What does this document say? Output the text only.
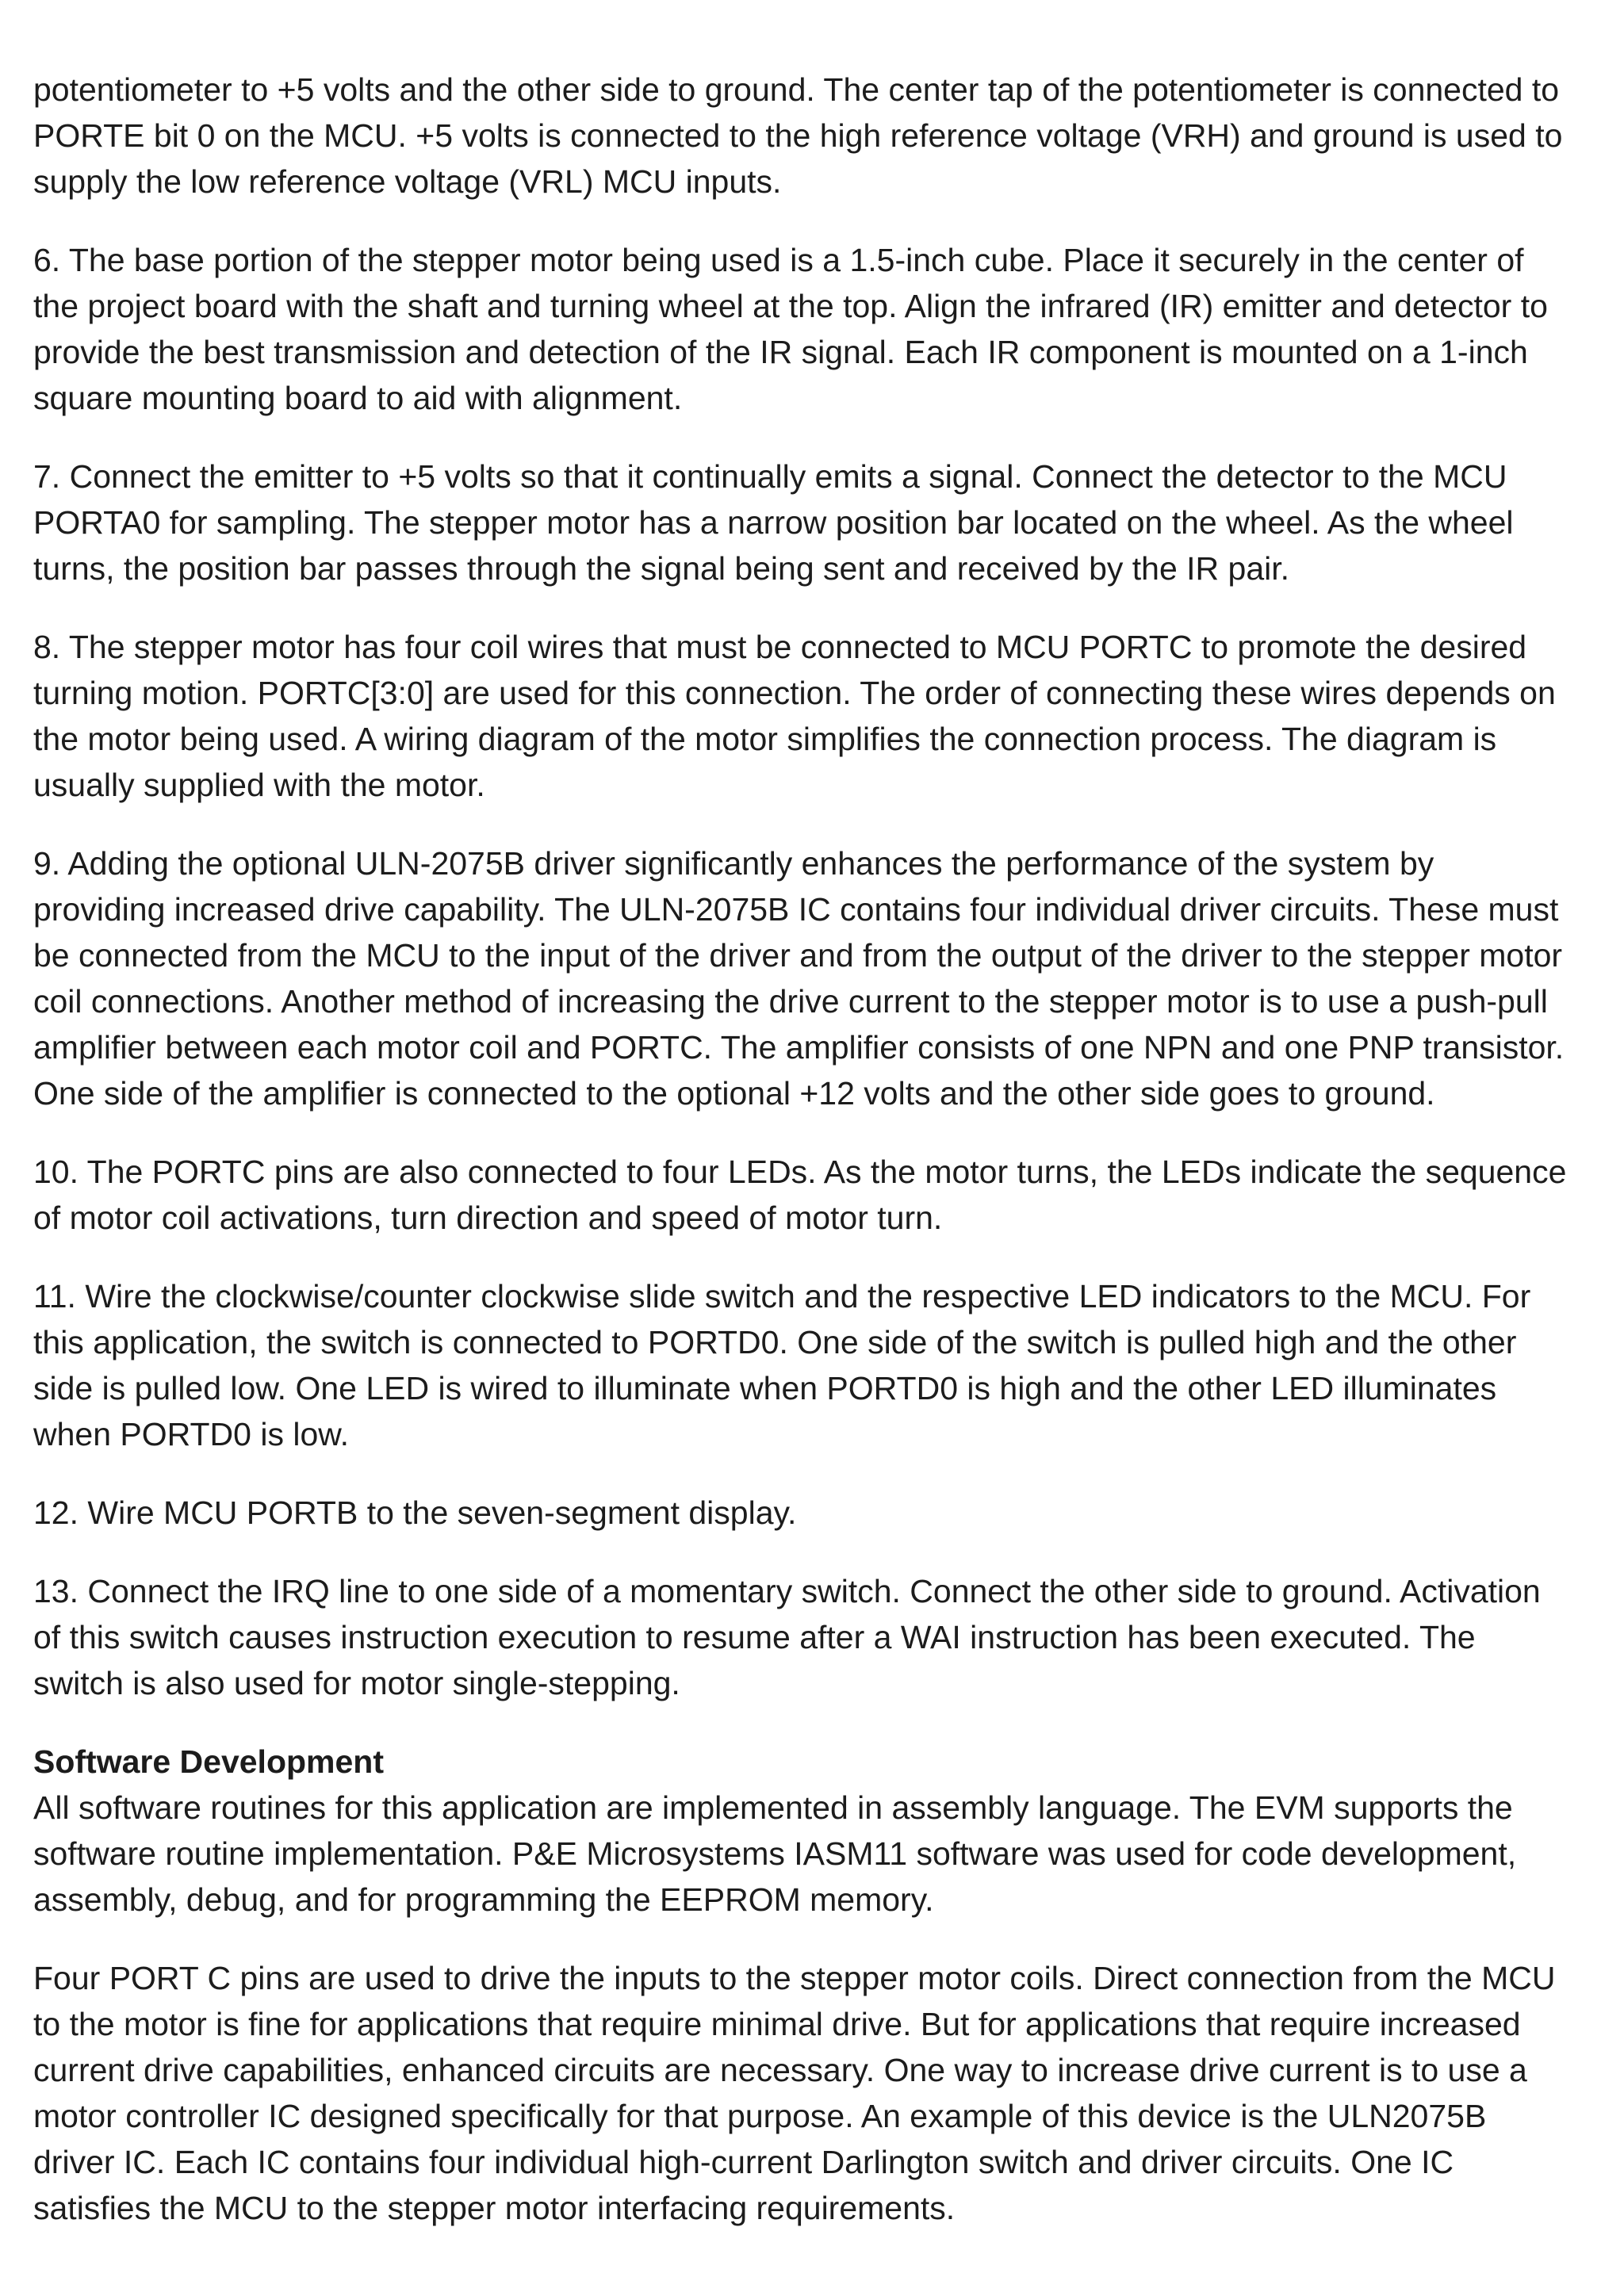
potentiometer to +5 volts and the other side to ground. The center tap of the potentiometer is connected to
PORTE bit 0 on the MCU. +5 volts is connected to the high reference voltage (VRH) and ground is used to
supply the low reference voltage (VRL) MCU inputs.

6. The base portion of the stepper motor being used is a 1.5-inch cube. Place it securely in the center of
the project board with the shaft and turning wheel at the top. Align the infrared (IR) emitter and detector to
provide the best transmission and detection of the IR signal. Each IR component is mounted on a 1-inch
square mounting board to aid with alignment.

7. Connect the emitter to +5 volts so that it continually emits a signal. Connect the detector to the MCU
PORTA0 for sampling. The stepper motor has a narrow position bar located on the wheel. As the wheel
turns, the position bar passes through the signal being sent and received by the IR pair.

8. The stepper motor has four coil wires that must be connected to MCU PORTC to promote the desired
turning motion. PORTC[3:0] are used for this connection. The order of connecting these wires depends on
the motor being used. A wiring diagram of the motor simplifies the connection process. The diagram is
usually supplied with the motor.

9. Adding the optional ULN-2075B driver significantly enhances the performance of the system by
providing increased drive capability. The ULN-2075B IC contains four individual driver circuits. These must
be connected from the MCU to the input of the driver and from the output of the driver to the stepper motor
coil connections. Another method of increasing the drive current to the stepper motor is to use a push-pull
amplifier between each motor coil and PORTC. The amplifier consists of one NPN and one PNP transistor.
One side of the amplifier is connected to the optional +12 volts and the other side goes to ground.

10. The PORTC pins are also connected to four LEDs. As the motor turns, the LEDs indicate the sequence
of motor coil activations, turn direction and speed of motor turn.

11. Wire the clockwise/counter clockwise slide switch and the respective LED indicators to the MCU. For
this application, the switch is connected to PORTD0. One side of the switch is pulled high and the other
side is pulled low. One LED is wired to illuminate when PORTD0 is high and the other LED illuminates
when PORTD0 is low.

12. Wire MCU PORTB to the seven-segment display.

13. Connect the IRQ line to one side of a momentary switch. Connect the other side to ground. Activation
of this switch causes instruction execution to resume after a WAI instruction has been executed. The
switch is also used for motor single-stepping.

Software Development
All software routines for this application are implemented in assembly language. The EVM supports the
software routine implementation. P&E Microsystems IASM11 software was used for code development,
assembly, debug, and for programming the EEPROM memory.

Four PORT C pins are used to drive the inputs to the stepper motor coils. Direct connection from the MCU
to the motor is fine for applications that require minimal drive. But for applications that require increased
current drive capabilities, enhanced circuits are necessary. One way to increase drive current is to use a
motor controller IC designed specifically for that purpose. An example of this device is the ULN2075B
driver IC. Each IC contains four individual high-current Darlington switch and driver circuits. One IC
satisfies the MCU to the stepper motor interfacing requirements.
